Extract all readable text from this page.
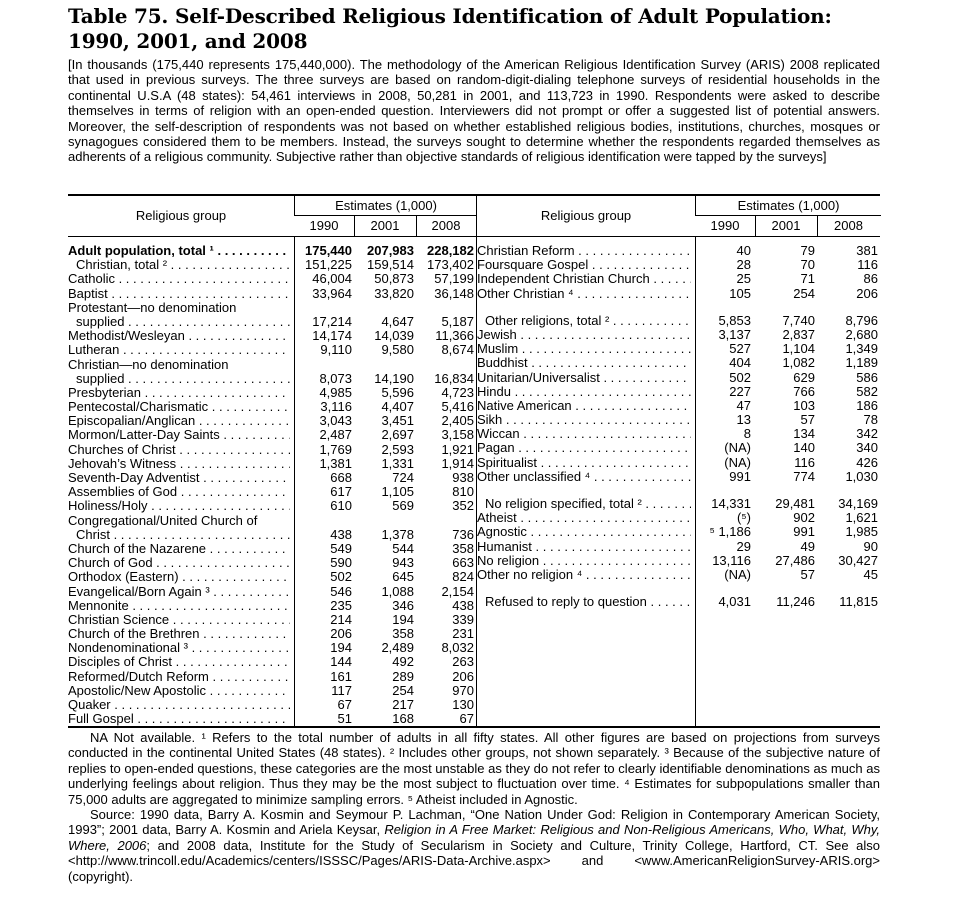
Table 75. Self-Described Religious Identification of Adult Population: 1990, 2001, and 2008
[In thousands (175,440 represents 175,440,000). The methodology of the American Religious Identification Survey (ARIS) 2008 replicated that used in previous surveys. The three surveys are based on random-digit-dialing telephone surveys of residential households in the continental U.S.A (48 states): 54,461 interviews in 2008, 50,281 in 2001, and 113,723 in 1990. Respondents were asked to describe themselves in terms of religion with an open-ended question. Interviewers did not prompt or offer a suggested list of potential answers. Moreover, the self-description of respondents was not based on whether established religious bodies, institutions, churches, mosques or synagogues considered them to be members. Instead, the surveys sought to determine whether the respondents regarded themselves as adherents of a religious community. Subjective rather than objective standards of religious identification were tapped by the surveys]
Religious group
Estimates (1,000)
1990	2001	2008
Adult population, total ¹ . . .	175,440 207,983 228,182
Christian, total ² . . .	151,225 159,514 173,402
Catholic . . .	46,004 50,873 57,199
Baptist . . .	33,964 33,820 36,148
Protestant—no denomination
supplied . . .	17,214 4,647 5,187
Methodist/Wesleyan . . .	14,174 14,039 11,366
Lutheran . . .	9,110 9,580 8,674
Christian—no denomination
supplied . . .	8,073 14,190 16,834
Presbyterian . . .	4,985 5,596 4,723
Pentecostal/Charismatic . . .	3,116 4,407 5,416
Episcopalian/Anglican . . .	3,043 3,451 2,405
Mormon/Latter-Day Saints . . .	2,487 2,697 3,158
Churches of Christ . . .	1,769 2,593 1,921
Jehovah’s Witness . . .	1,381 1,331 1,914
Seventh-Day Adventist . . .	668	724	938
Assemblies of God . . .	617 1,105	810
Holiness/Holy . . .	610	569	352
Congregational/United Church of
Christ . . .	438 1,378	736
Church of the Nazarene . . .	549	544	358
Church of God . . .	590	943	663
Orthodox (Eastern) . . .	502	645	824
Evangelical/Born Again ³ . . .	546 1,088 2,154
Mennonite . . .	235	346	438
Christian Science . . .	214	194	339
Church of the Brethren . . .	206	358	231
Nondenominational ³ . . .	194 2,489 8,032
Disciples of Christ . . .	144	492	263
Reformed/Dutch Reform . . .	161	289	206
Apostolic/New Apostolic . . .	117	254	970
Quaker . . .	67	217	130
Full Gospel . . .	51	168	67
Religious group
Estimates (1,000)
1990	2001	2008
Christian Reform . . .	40	79	381
Foursquare Gospel . . .	28	70	116
Independent Christian Church . . .	25	71	86
Other Christian ⁴ . . .	105	254	206
Other religions, total ² . . .	5,853 7,740 8,796
Jewish . . .	3,137 2,837 2,680
Muslim . . .	527 1,104 1,349
Buddhist . . .	404 1,082 1,189
Unitarian/Universalist . . .	502	629	586
Hindu . . .	227	766	582
Native American . . .	47	103	186
Sikh . . .	13	57	78
Wiccan . . .	8	134	342
Pagan . . .	(NA)	140	340
Spiritualist . . .	(NA)	116	426
Other unclassified ⁴ . . .	991	774 1,030
No religion specified, total ² . . .	14,331 29,481 34,169
Atheist . . .	(⁵)	902 1,621
Agnostic . . .	⁵ 1,186	991 1,985
Humanist . . .	29	49	90
No religion . . .	13,116 27,486 30,427
Other no religion ⁴ . . .	(NA)	57	45
Refused to reply to question . . .	4,031 11,246 11,815

NA Not available. ¹ Refers to the total number of adults in all fifty states. All other figures are based on projections from surveys conducted in the continental United States (48 states). ² Includes other groups, not shown separately. ³ Because of the subjective nature of replies to open-ended questions, these categories are the most unstable as they do not refer to clearly identifiable denominations as much as underlying feelings about religion. Thus they may be the most subject to fluctuation over time. ⁴ Estimates for subpopulations smaller than 75,000 adults are aggregated to minimize sampling errors. ⁵ Atheist included in Agnostic.

Source: 1990 data, Barry A. Kosmin and Seymour P. Lachman, “One Nation Under God: Religion in Contemporary American Society, 1993”; 2001 data, Barry A. Kosmin and Ariela Keysar, Religion in A Free Market: Religious and Non-Religious Americans, Who, What, Why, Where, 2006; and 2008 data, Institute for the Study of Secularism in Society and Culture, Trinity College, Hartford, CT. See also <http://www.trincoll.edu/Academics/centers/ISSSC/Pages/ARIS-Data-Archive.aspx> and <www.AmericanReligionSurvey-ARIS.org> (copyright).
